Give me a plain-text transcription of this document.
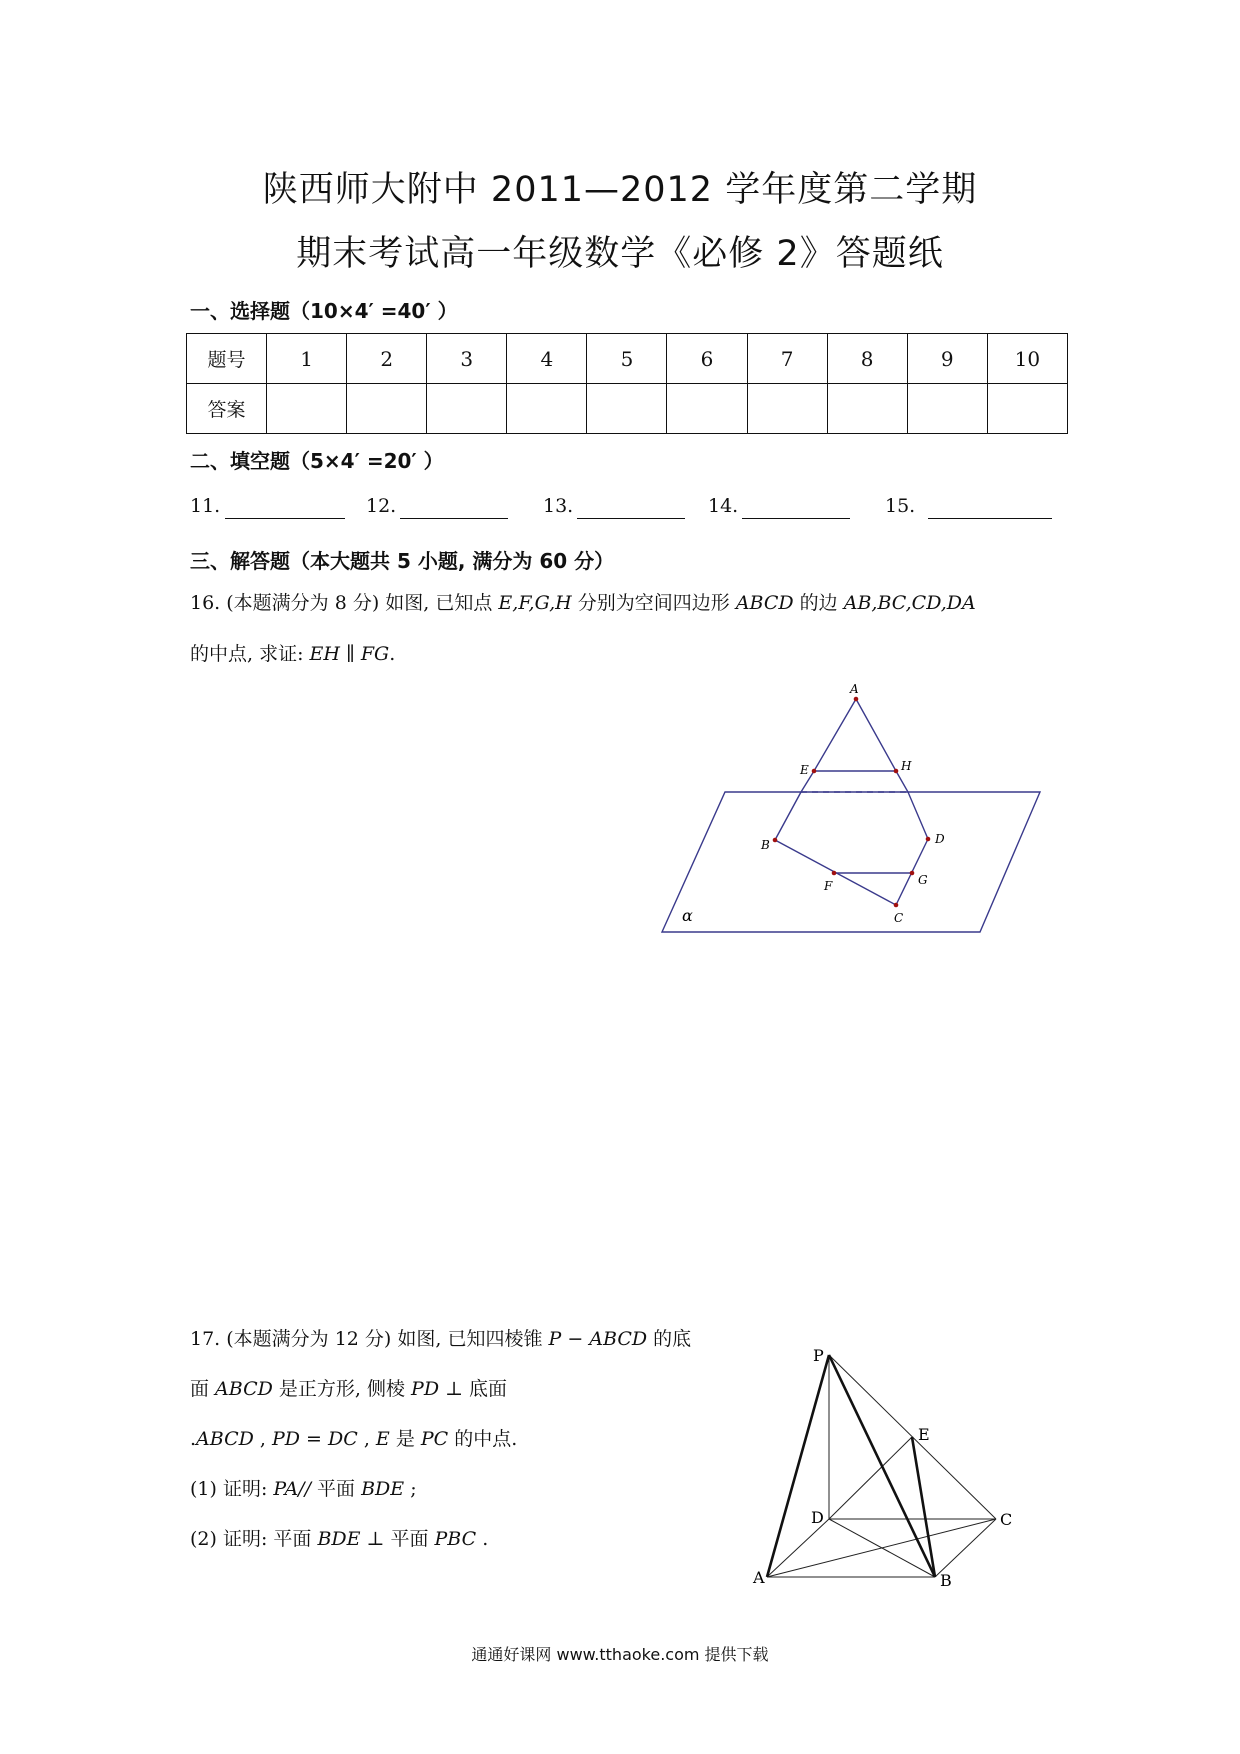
陕西师大附中 2011—2012 学年度第二学期
期末考试高一年级数学《必修 2》答题纸
一、选择题（10×4′ =40′ ）
题号	1	2	3	4	5	6	7	8	9	10
答案										
二、填空题（5×4′ =20′ ）
11.	12.	13.	14.	15.
三、解答题（本大题共 5 小题, 满分为 60 分）
16. (本题满分为 8 分) 如图, 已知点 E,F,G,H 分别为空间四边形 ABCD 的边 AB,BC,CD,DA
的中点, 求证: EH ∥ FG.
A
E	H
B	D
F	G
C
α
P
E
D	C
A	B
17. (本题满分为 12 分) 如图, 已知四棱锥 P − ABCD 的底
面 ABCD 是正方形, 侧棱 PD ⊥ 底面
.ABCD , PD = DC , E 是 PC 的中点.
(1) 证明: PA// 平面 BDE ;
(2) 证明: 平面 BDE ⊥ 平面 PBC .
通通好课网 www.tthaoke.com 提供下载
